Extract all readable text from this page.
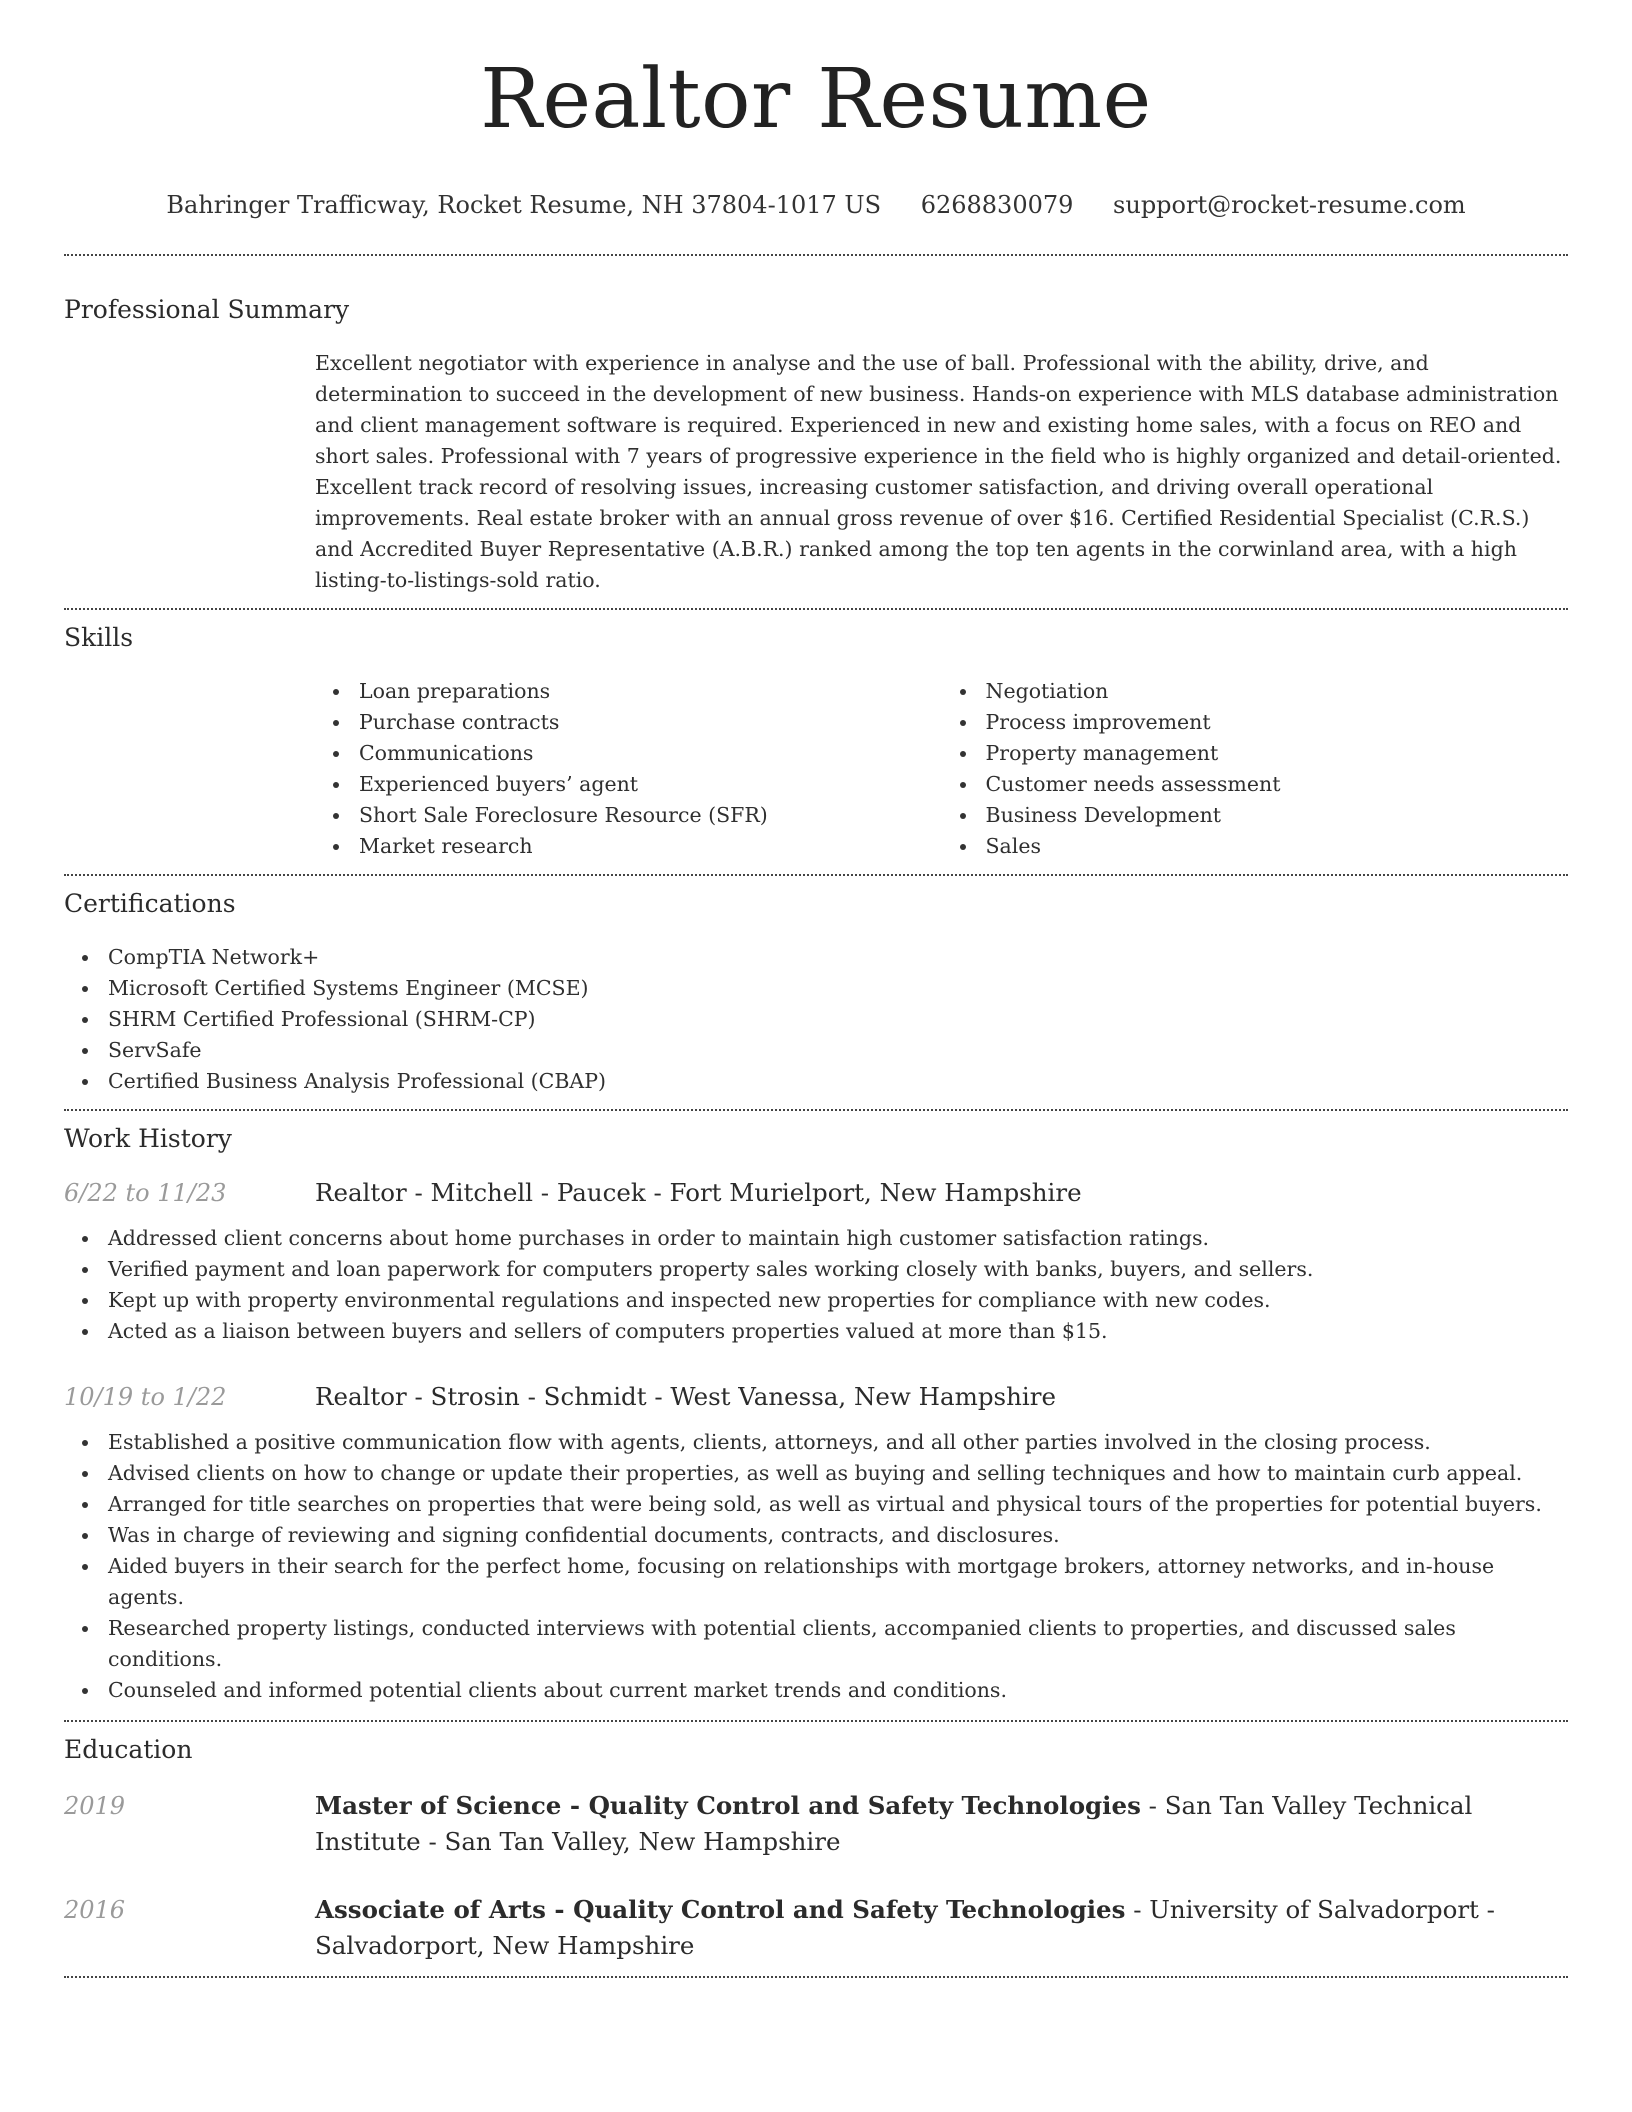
Realtor Resume
Bahringer Trafficway, Rocket Resume, NH 37804-1017 US 6268830079 support@rocket-resume.com
Professional Summary

Excellent negotiator with experience in analyse and the use of ball. Professional with the ability, drive, and determination to succeed in the development of new business. Hands-on experience with MLS database administration and client management software is required. Experienced in new and existing home sales, with a focus on REO and short sales. Professional with 7 years of progressive experience in the field who is highly organized and detail-oriented. Excellent track record of resolving issues, increasing customer satisfaction, and driving overall operational improvements. Real estate broker with an annual gross revenue of over $16. Certified Residential Specialist (C.R.S.) and Accredited Buyer Representative (A.B.R.) ranked among the top ten agents in the corwinland area, with a high listing-to-listings-sold ratio.

Skills
Loan preparations
Purchase contracts
Communications
Experienced buyers’ agent
Short Sale Foreclosure Resource (SFR)
Market research
Negotiation
Process improvement
Property management
Customer needs assessment
Business Development
Sales
Certifications
CompTIA Network+
Microsoft Certified Systems Engineer (MCSE)
SHRM Certified Professional (SHRM-CP)
ServSafe
Certified Business Analysis Professional (CBAP)
Work History
6/22 to 11/23	Realtor - Mitchell - Paucek - Fort Murielport, New Hampshire
Addressed client concerns about home purchases in order to maintain high customer satisfaction ratings.
Verified payment and loan paperwork for computers property sales working closely with banks, buyers, and sellers.
Kept up with property environmental regulations and inspected new properties for compliance with new codes.
Acted as a liaison between buyers and sellers of computers properties valued at more than $15.
10/19 to 1/22	Realtor - Strosin - Schmidt - West Vanessa, New Hampshire
Established a positive communication flow with agents, clients, attorneys, and all other parties involved in the closing process.
Advised clients on how to change or update their properties, as well as buying and selling techniques and how to maintain curb appeal.
Arranged for title searches on properties that were being sold, as well as virtual and physical tours of the properties for potential buyers.
Was in charge of reviewing and signing confidential documents, contracts, and disclosures.
Aided buyers in their search for the perfect home, focusing on relationships with mortgage brokers, attorney networks, and in-house agents.
Researched property listings, conducted interviews with potential clients, accompanied clients to properties, and discussed sales conditions.
Counseled and informed potential clients about current market trends and conditions.
Education
2019	Master of Science - Quality Control and Safety Technologies - San Tan Valley Technical Institute - San Tan Valley, New Hampshire
2016	Associate of Arts - Quality Control and Safety Technologies - University of Salvadorport - Salvadorport, New Hampshire
